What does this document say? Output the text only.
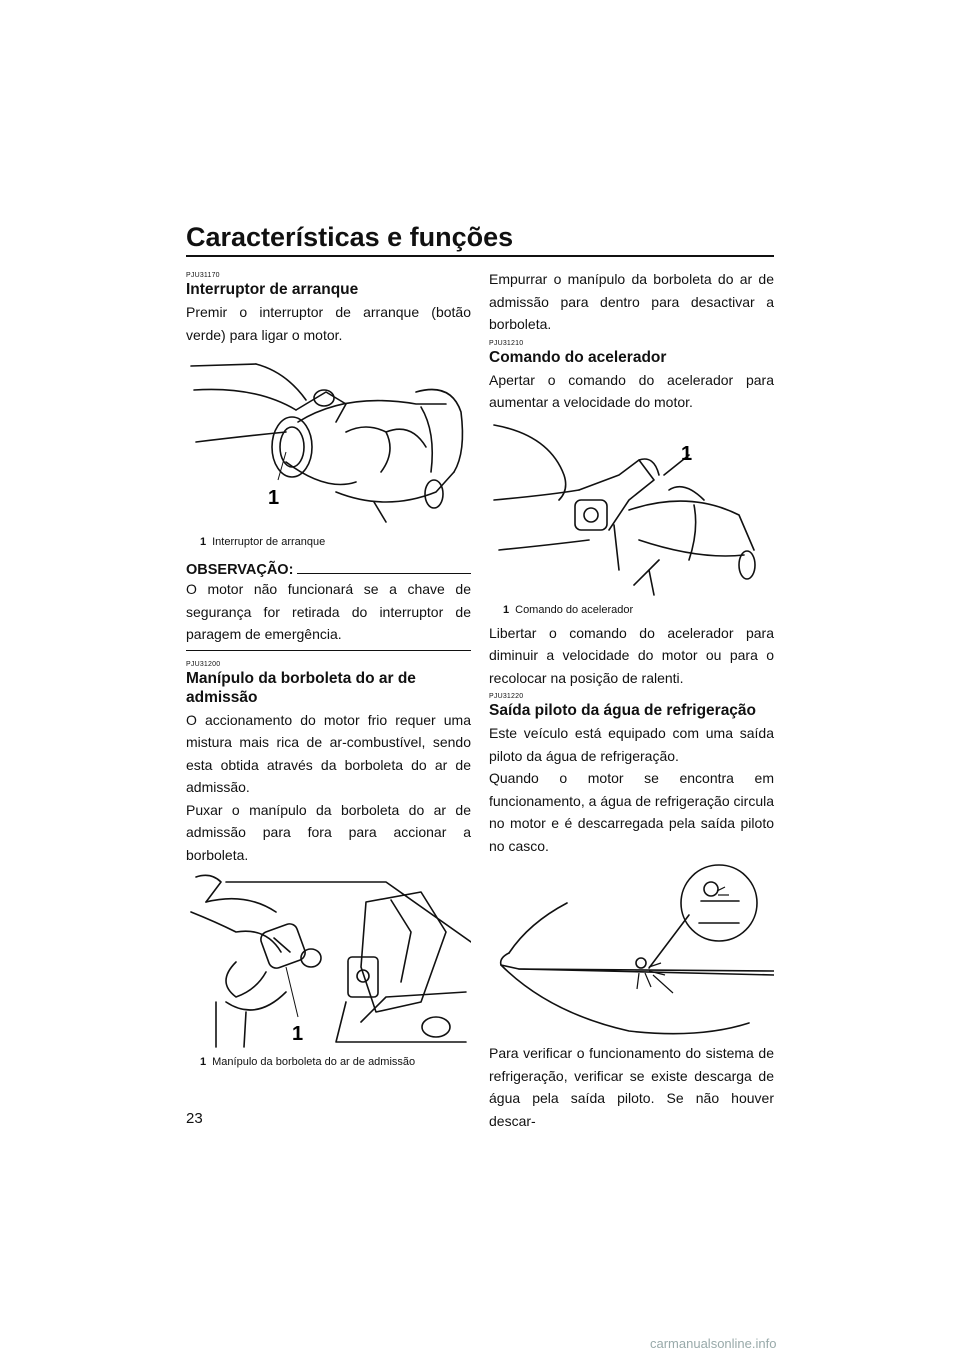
Características e funções
PJU31170
Interruptor de arranque

Premir o interruptor de arranque (botão verde) para ligar o motor.

1
1 Interruptor de arranque
OBSERVAÇÃO:

O motor não funcionará se a chave de segurança for retirada do interruptor de paragem de emergência.

PJU31200
Manípulo da borboleta do ar de admissão

O accionamento do motor frio requer uma mistura mais rica de ar-combustível, sendo esta obtida através da borboleta do ar de admissão.

Puxar o manípulo da borboleta do ar de admissão para fora para accionar a borboleta.

1
1 Manípulo da borboleta do ar de admissão

Empurrar o manípulo da borboleta do ar de admissão para dentro para desactivar a borboleta.

PJU31210
Comando do acelerador

Apertar o comando do acelerador para aumentar a velocidade do motor.

1
1 Comando do acelerador

Libertar o comando do acelerador para diminuir a velocidade do motor ou para o recolocar na posição de ralenti.

PJU31220
Saída piloto da água de refrigeração

Este veículo está equipado com uma saída piloto da água de refrigeração.

Quando o motor se encontra em funcionamento, a água de refrigeração circula no motor e é descarregada pela saída piloto no casco.

Para verificar o funcionamento do sistema de refrigeração, verificar se existe descarga de água pela saída piloto. Se não houver descar-

23
carmanualsonline.info
